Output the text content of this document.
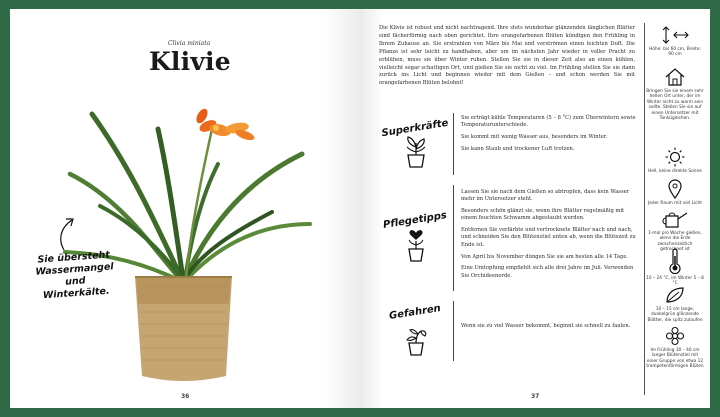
Clivia miniata
Klivie
Sie übersteht Wassermangel und Winterkälte.
36
Die Klivie ist robust und nicht nachtragend. Ihre stets wunderbar glänzenden länglichen Blätter sind fächerförmig nach oben gerichtet. Ihre orangefarbenen Blüten kündigen den Frühling in Ihrem Zuhause an. Sie erstrahlen von März bis Mai und verströmen einen leichten Duft. Die Pflanze ist sehr leicht zu handhaben, aber um im nächsten Jahr wieder in voller Pracht zu erblühen, muss sie über Winter ruhen. Stellen Sie sie in dieser Zeit also an einen kühlen, vielleicht sogar schattigen Ort, und gießen Sie sie nicht zu viel. Im Frühling stellen Sie sie dann zurück ins Licht und beginnen wieder mit dem Gießen – und schon werden Sie mit orangefarbenen Blüten belohnt!
Superkräfte	Sie erträgt kühle Temperaturen (5 – 8 °C) zum Überwintern sowie Temperaturunterschiede.

Sie kommt mit wenig Wasser aus, besonders im Winter.

Sie kann Staub und trockener Luft trotzen.

Pflegetipps

Lassen Sie sie nach dem Gießen so abtropfen, dass kein Wasser mehr im Untersetzer steht.

Besonders schön glänzt sie, wenn ihre Blätter regelmäßig mit einem feuchten Schwamm abgestaubt werden.

Entfernen Sie verfärbte und vertrocknete Blätter nach und nach, und schneiden Sie den Blütenstiel unten ab, wenn die Blütezeit zu Ende ist.

Von April bis November düngen Sie sie am besten alle 14 Tage.

Eine Umtopfung empfiehlt sich alle drei Jahre im Juli. Verwenden Sie Orchideenerde.

Gefahren

Wenn sie zu viel Wasser bekommt, beginnt sie schnell zu faulen.

Höhe: bis 60 cm, Breite: 90 cm
Bringen Sie sie einem sehr hellen Ort unter, der im Winter nicht zu warm sein sollte. Stellen Sie sie auf einen Untersetzer mit Tonkügelchen.
Hell, keine direkte Sonne
Jeder Raum mit viel Licht
1-mal pro Woche gießen, wenn die Erde zwischenzeitlich getrocknet ist
10 – 24 °C, im Winter 5 – 8 °C
10 – 15 cm lange, dunkelgrün glänzende Blätter, die spitz zulaufen
Im Frühling 30 – 40 cm langer Blütenstiel mit einer Gruppe von etwa 12 trompetenförmigen Blüten
37
